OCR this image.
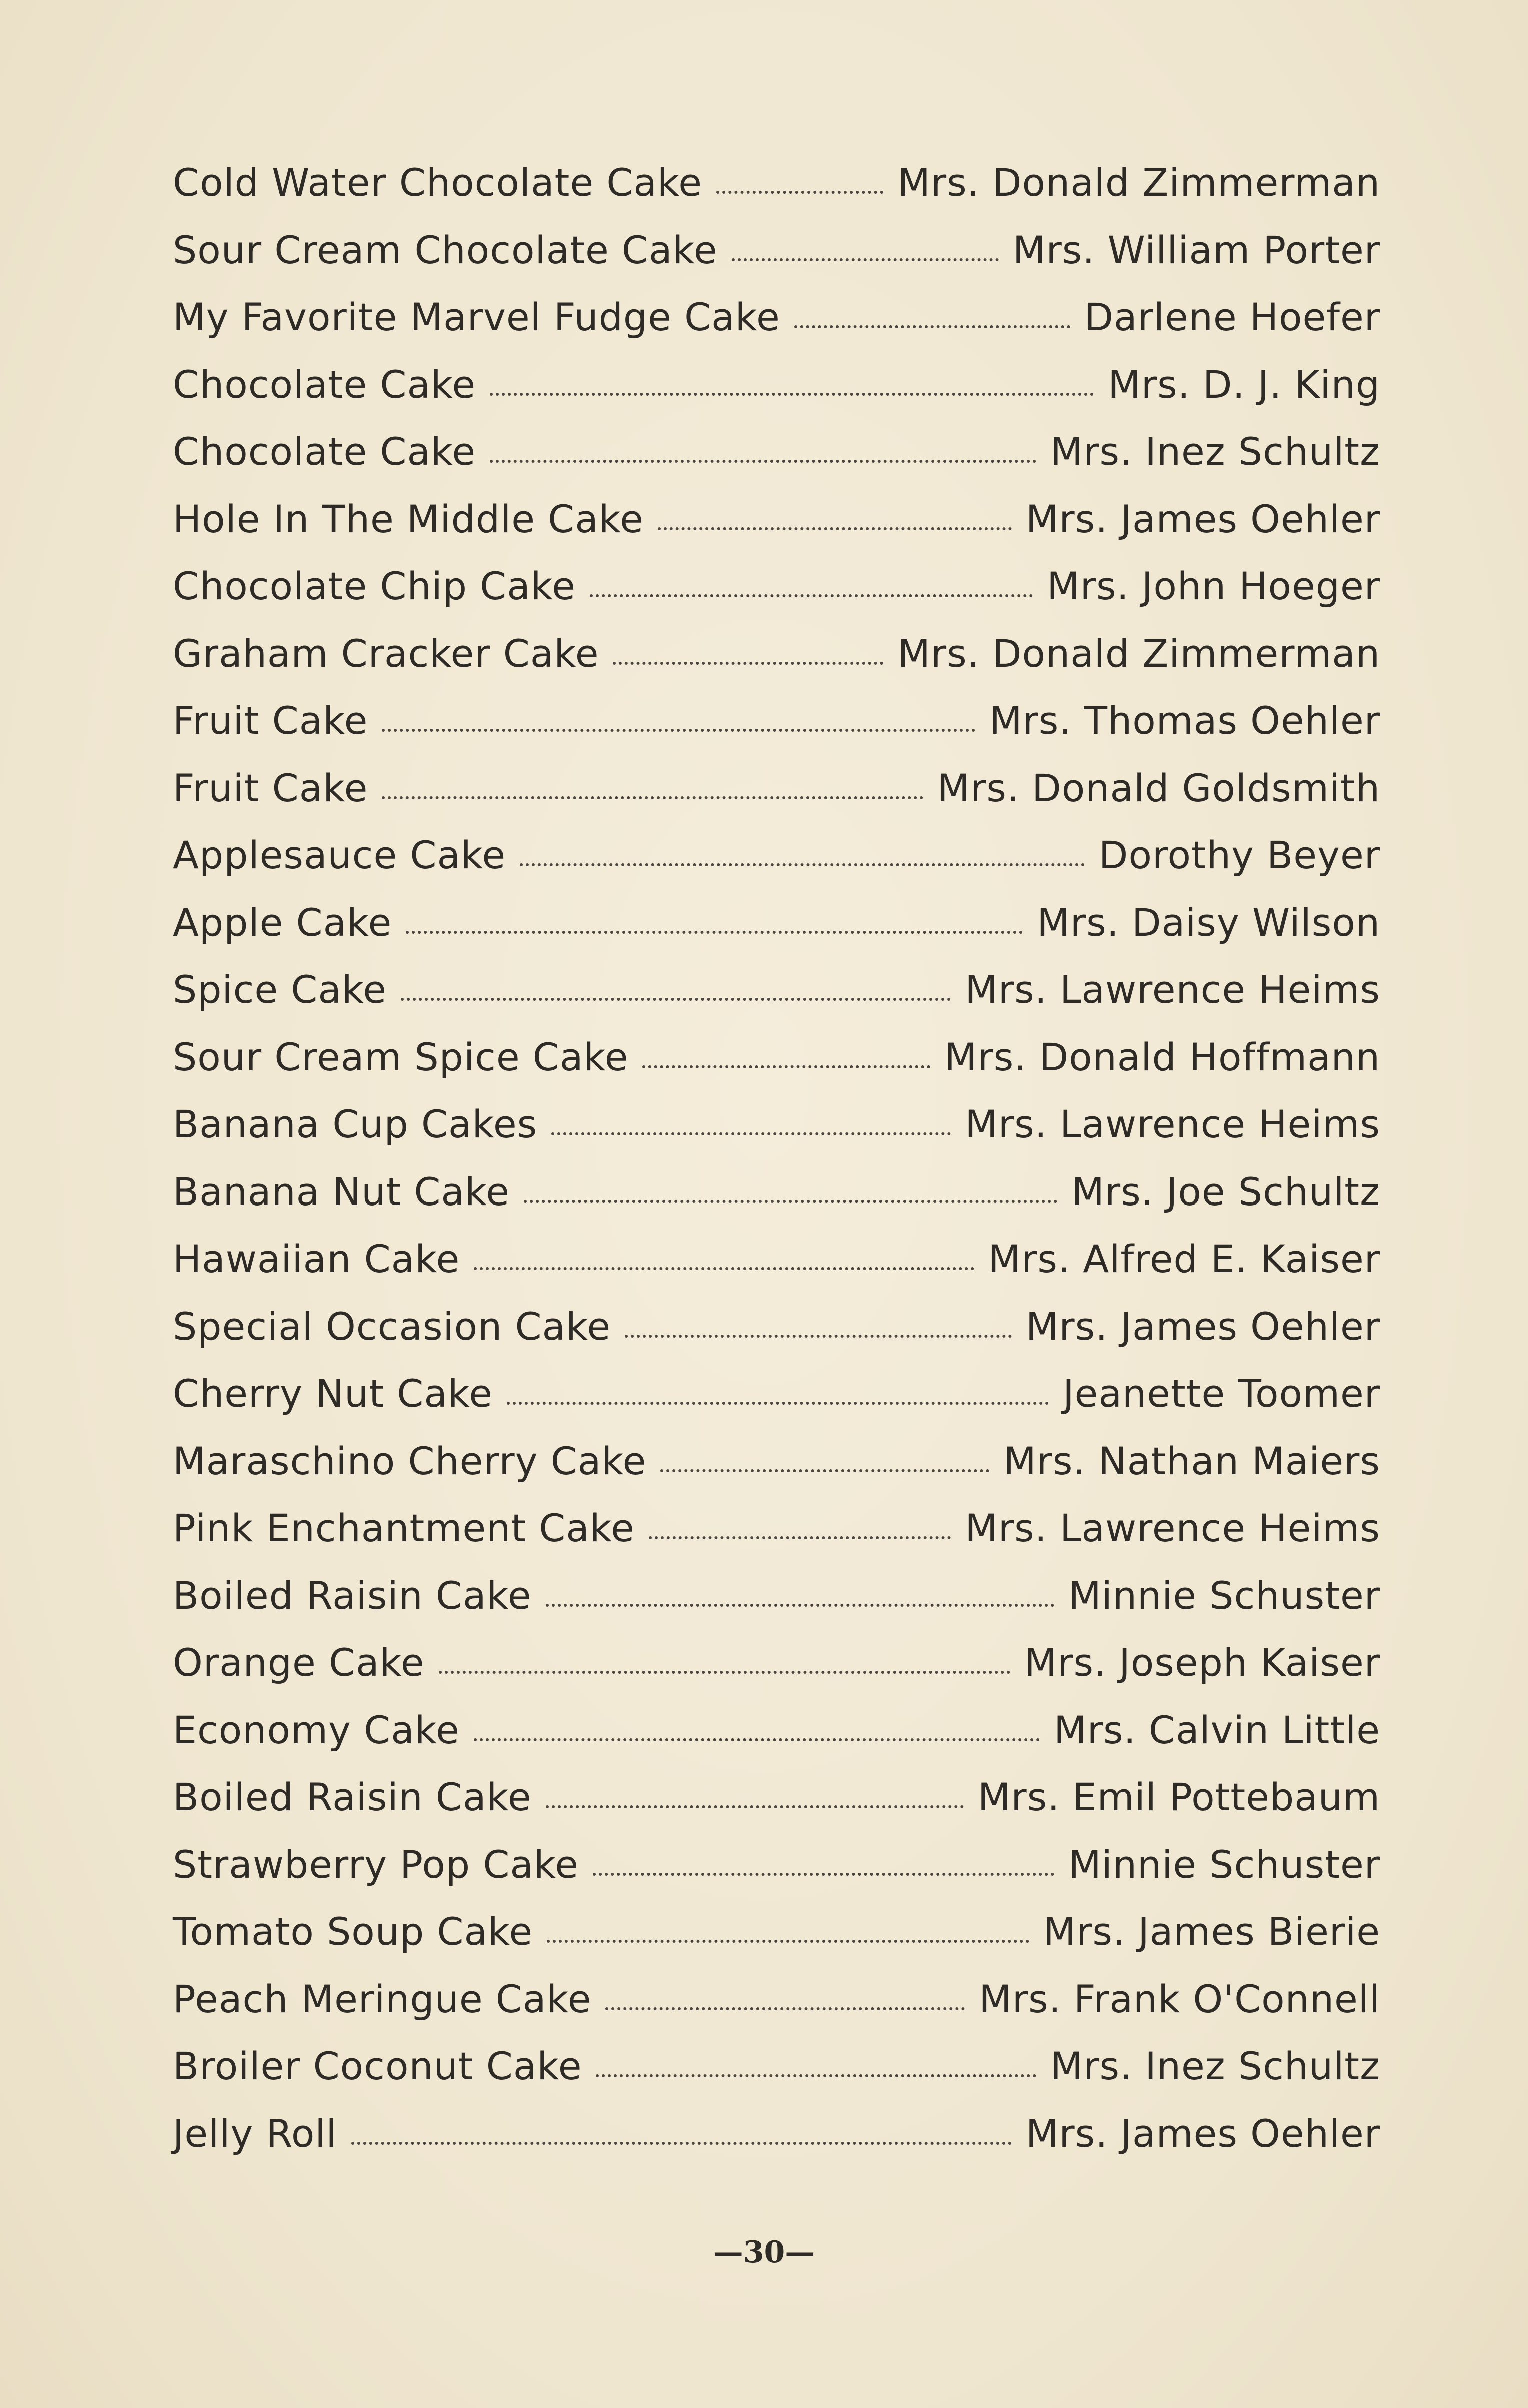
Cold Water Chocolate Cake	Mrs. Donald Zimmerman
Sour Cream Chocolate Cake	Mrs. William Porter
My Favorite Marvel Fudge Cake	Darlene Hoefer
Chocolate Cake	Mrs. D. J. King
Chocolate Cake	Mrs. Inez Schultz
Hole In The Middle Cake	Mrs. James Oehler
Chocolate Chip Cake	Mrs. John Hoeger
Graham Cracker Cake	Mrs. Donald Zimmerman
Fruit Cake	Mrs. Thomas Oehler
Fruit Cake	Mrs. Donald Goldsmith
Applesauce Cake	Dorothy Beyer
Apple Cake	Mrs. Daisy Wilson
Spice Cake	Mrs. Lawrence Heims
Sour Cream Spice Cake	Mrs. Donald Hoffmann
Banana Cup Cakes	Mrs. Lawrence Heims
Banana Nut Cake	Mrs. Joe Schultz
Hawaiian Cake	Mrs. Alfred E. Kaiser
Special Occasion Cake	Mrs. James Oehler
Cherry Nut Cake	Jeanette Toomer
Maraschino Cherry Cake	Mrs. Nathan Maiers
Pink Enchantment Cake	Mrs. Lawrence Heims
Boiled Raisin Cake	Minnie Schuster
Orange Cake	Mrs. Joseph Kaiser
Economy Cake	Mrs. Calvin Little
Boiled Raisin Cake	Mrs. Emil Pottebaum
Strawberry Pop Cake	Minnie Schuster
Tomato Soup Cake	Mrs. James Bierie
Peach Meringue Cake	Mrs. Frank O'Connell
Broiler Coconut Cake	Mrs. Inez Schultz
Jelly Roll	Mrs. James Oehler
—30—
